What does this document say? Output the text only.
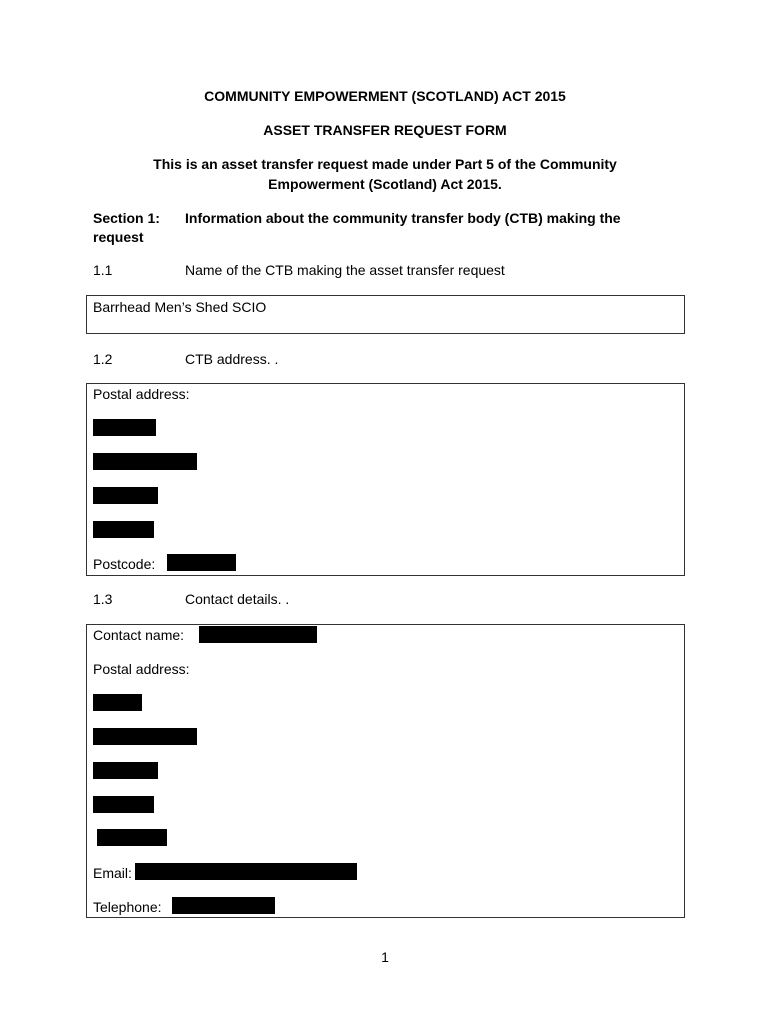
COMMUNITY EMPOWERMENT (SCOTLAND) ACT 2015
ASSET TRANSFER REQUEST FORM
This is an asset transfer request made under Part 5 of the Community
Empowerment (Scotland) Act 2015.
Section 1: Information about the community transfer body (CTB) making the
request
1.1	Name of the CTB making the asset transfer request
Barrhead Men’s Shed SCIO
1.2	CTB address. .
Postal address:
Postcode:
1.3	Contact details. .
Contact name:
Postal address:
Email:
Telephone:
1
